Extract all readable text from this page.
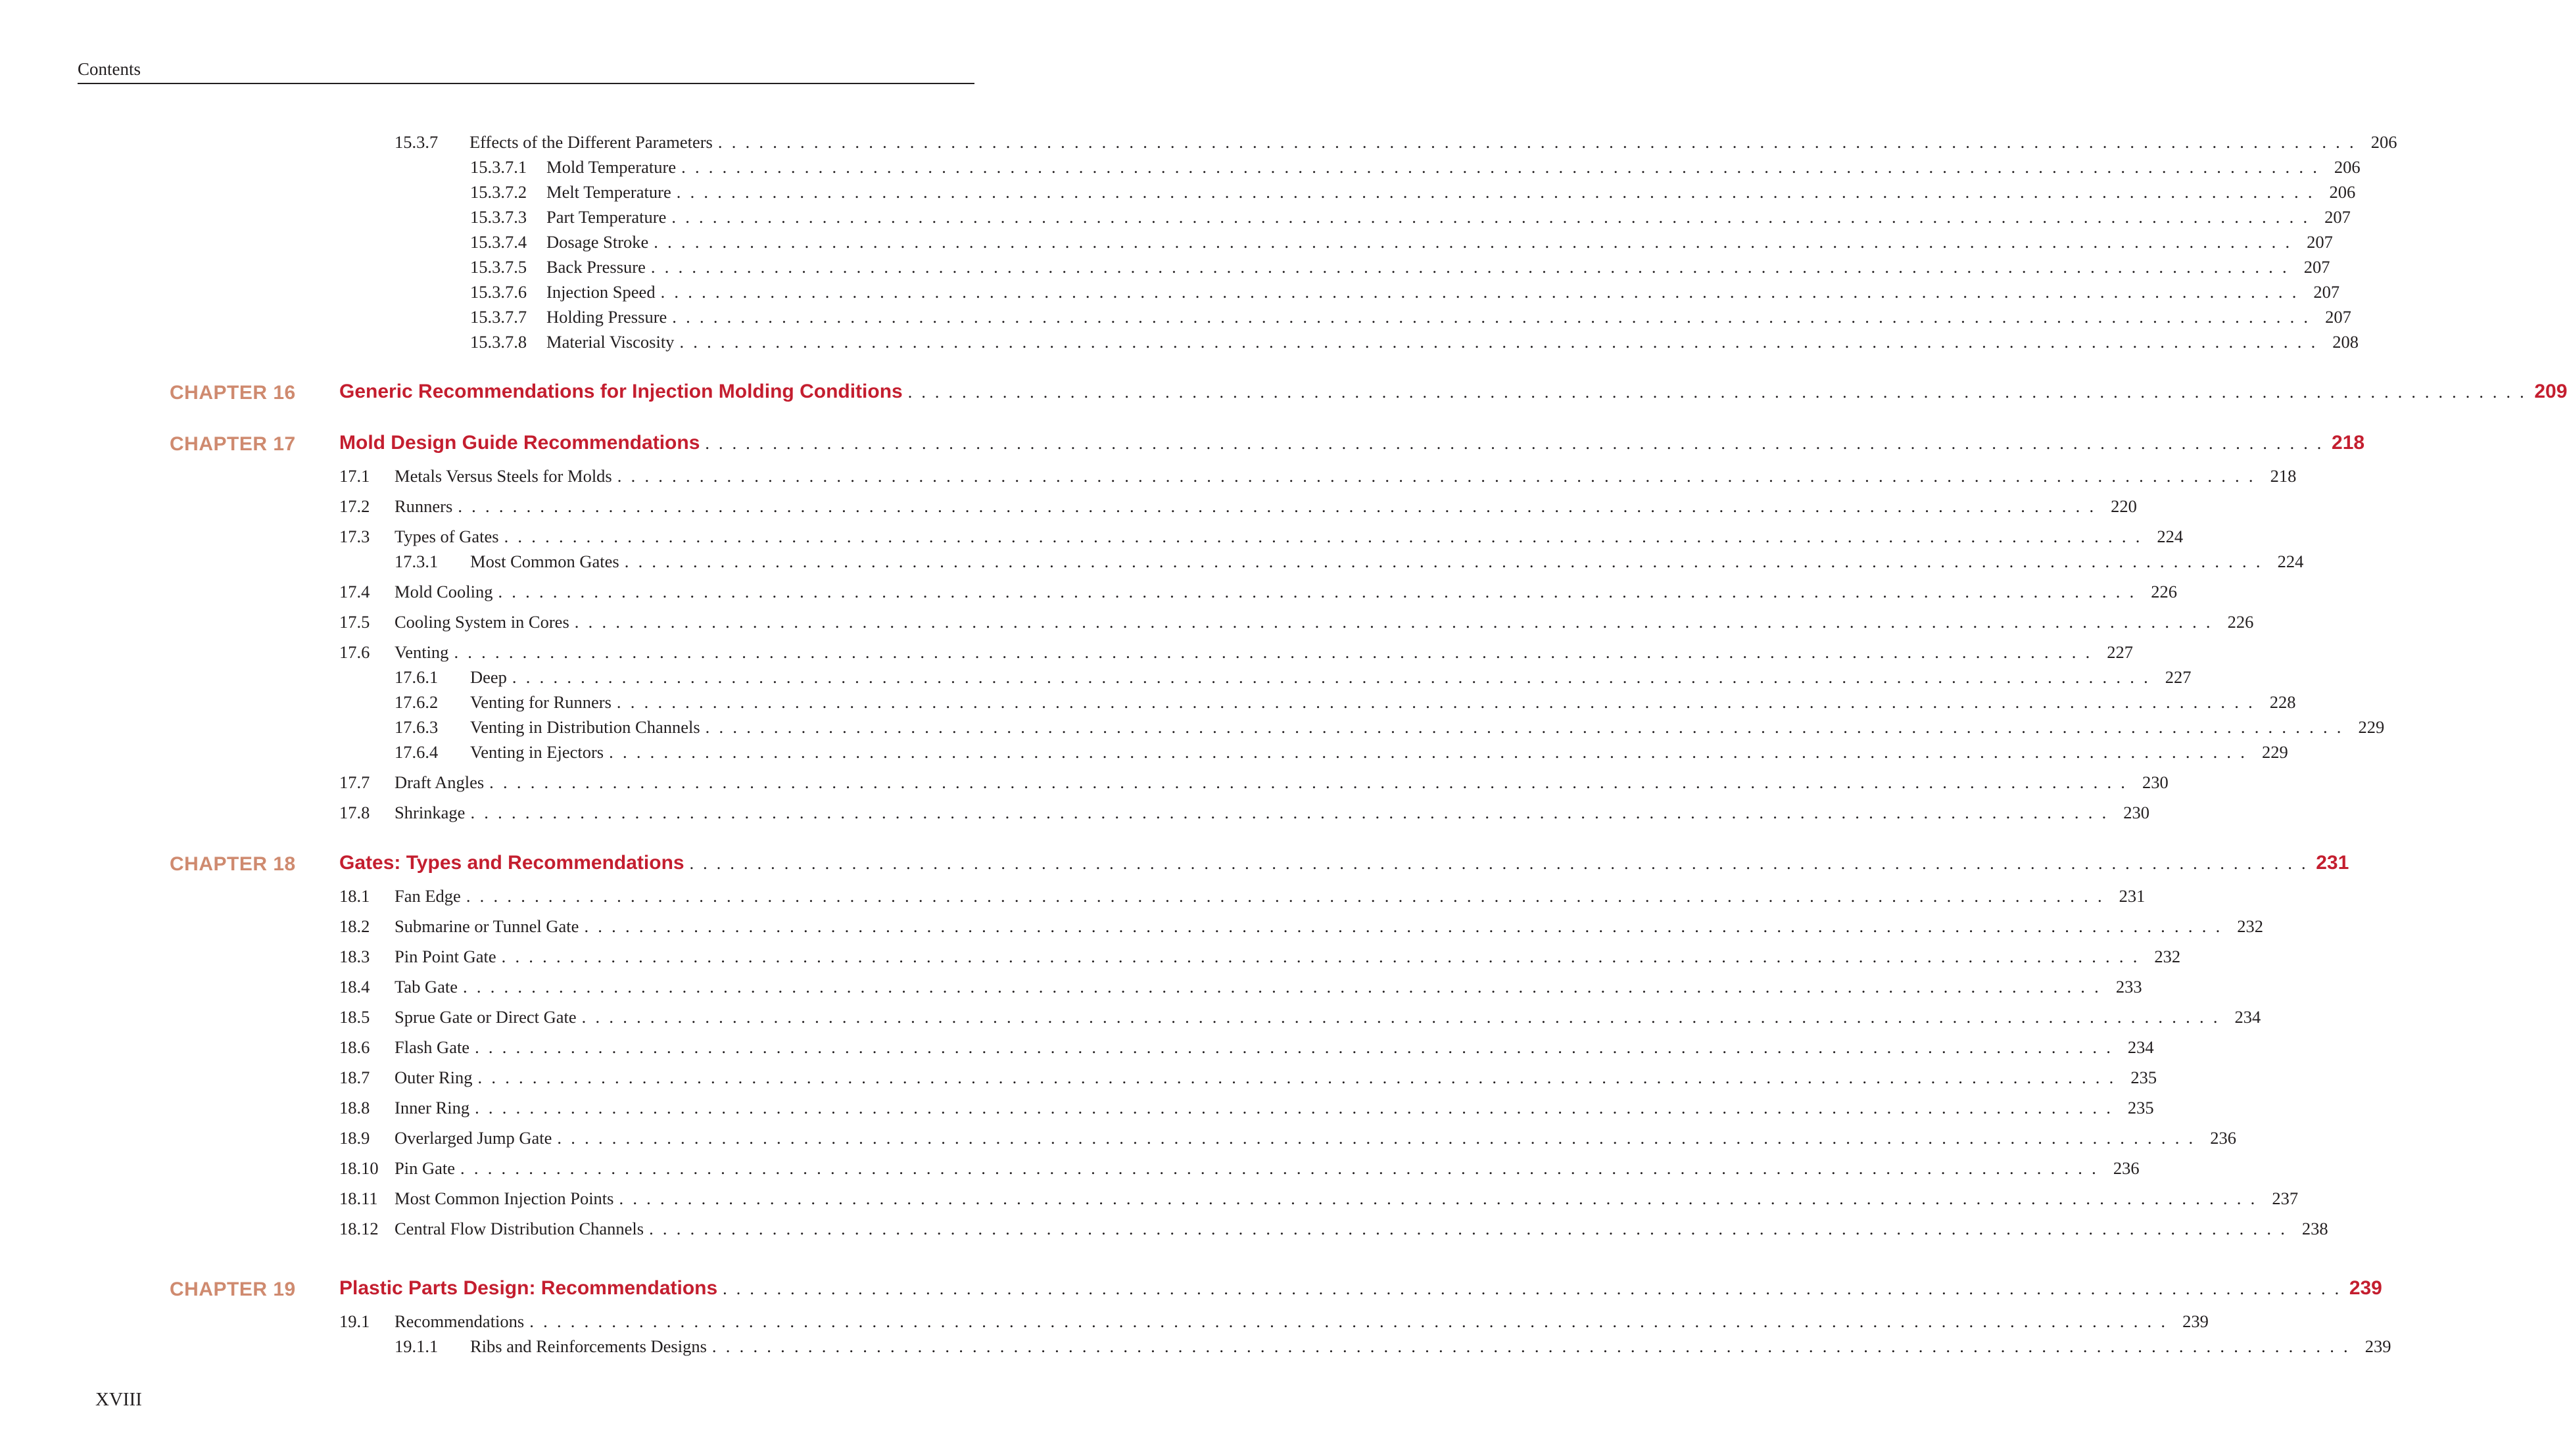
Contents
15.3.7	Effects of the Different Parameters . . . . . . . . . . . . . . . . . . . . . . . . . . . . . . . . . . . . . . . . . . . . . . . . . . . . . . . . . . . . . . . . . . . . . . . . . . . . . . . . . . . . . . . . . . . . . . . . . . . . . . . . . . . . . . . . . . . . . . . . 206
15.3.7.1	Mold Temperature . . . . . . . . . . . . . . . . . . . . . . . . . . . . . . . . . . . . . . . . . . . . . . . . . . . . . . . . . . . . . . . . . . . . . . . . . . . . . . . . . . . . . . . . . . . . . . . . . . . . . . . . . . . . . . . . . . . . . . . . 206
15.3.7.2	Melt Temperature . . . . . . . . . . . . . . . . . . . . . . . . . . . . . . . . . . . . . . . . . . . . . . . . . . . . . . . . . . . . . . . . . . . . . . . . . . . . . . . . . . . . . . . . . . . . . . . . . . . . . . . . . . . . . . . . . . . . . . . . 206
15.3.7.3	Part Temperature . . . . . . . . . . . . . . . . . . . . . . . . . . . . . . . . . . . . . . . . . . . . . . . . . . . . . . . . . . . . . . . . . . . . . . . . . . . . . . . . . . . . . . . . . . . . . . . . . . . . . . . . . . . . . . . . . . . . . . . . 207
15.3.7.4	Dosage Stroke . . . . . . . . . . . . . . . . . . . . . . . . . . . . . . . . . . . . . . . . . . . . . . . . . . . . . . . . . . . . . . . . . . . . . . . . . . . . . . . . . . . . . . . . . . . . . . . . . . . . . . . . . . . . . . . . . . . . . . . . 207
15.3.7.5	Back Pressure . . . . . . . . . . . . . . . . . . . . . . . . . . . . . . . . . . . . . . . . . . . . . . . . . . . . . . . . . . . . . . . . . . . . . . . . . . . . . . . . . . . . . . . . . . . . . . . . . . . . . . . . . . . . . . . . . . . . . . . . 207
15.3.7.6	Injection Speed . . . . . . . . . . . . . . . . . . . . . . . . . . . . . . . . . . . . . . . . . . . . . . . . . . . . . . . . . . . . . . . . . . . . . . . . . . . . . . . . . . . . . . . . . . . . . . . . . . . . . . . . . . . . . . . . . . . . . . . . 207
15.3.7.7	Holding Pressure . . . . . . . . . . . . . . . . . . . . . . . . . . . . . . . . . . . . . . . . . . . . . . . . . . . . . . . . . . . . . . . . . . . . . . . . . . . . . . . . . . . . . . . . . . . . . . . . . . . . . . . . . . . . . . . . . . . . . . . . 207
15.3.7.8	Material Viscosity . . . . . . . . . . . . . . . . . . . . . . . . . . . . . . . . . . . . . . . . . . . . . . . . . . . . . . . . . . . . . . . . . . . . . . . . . . . . . . . . . . . . . . . . . . . . . . . . . . . . . . . . . . . . . . . . . . . . . . . . 208
CHAPTER 16 Generic Recommendations for Injection Molding Conditions . . . . . . . . . . . . . . . . . . . . . . . . . . . . . . . . . . . . . . . . . . . . . . . . . . . . . . . . . . . . . . . . . . . . . . . . . . . . . . . . . . . . . . . . . . . . . . . . . . . . . . . . . . . . . . . . . . . . . . . . 209
CHAPTER 17 Mold Design Guide Recommendations . . . . . . . . . . . . . . . . . . . . . . . . . . . . . . . . . . . . . . . . . . . . . . . . . . . . . . . . . . . . . . . . . . . . . . . . . . . . . . . . . . . . . . . . . . . . . . . . . . . . . . . . . . . . . . . . . . . . . . . . 218
17.1	Metals Versus Steels for Molds . . . . . . . . . . . . . . . . . . . . . . . . . . . . . . . . . . . . . . . . . . . . . . . . . . . . . . . . . . . . . . . . . . . . . . . . . . . . . . . . . . . . . . . . . . . . . . . . . . . . . . . . . . . . . . . . . . . . . . . . 218
17.2	Runners . . . . . . . . . . . . . . . . . . . . . . . . . . . . . . . . . . . . . . . . . . . . . . . . . . . . . . . . . . . . . . . . . . . . . . . . . . . . . . . . . . . . . . . . . . . . . . . . . . . . . . . . . . . . . . . . . . . . . . . . 220
17.3	Types of Gates . . . . . . . . . . . . . . . . . . . . . . . . . . . . . . . . . . . . . . . . . . . . . . . . . . . . . . . . . . . . . . . . . . . . . . . . . . . . . . . . . . . . . . . . . . . . . . . . . . . . . . . . . . . . . . . . . . . . . . . . 224
17.3.1	Most Common Gates . . . . . . . . . . . . . . . . . . . . . . . . . . . . . . . . . . . . . . . . . . . . . . . . . . . . . . . . . . . . . . . . . . . . . . . . . . . . . . . . . . . . . . . . . . . . . . . . . . . . . . . . . . . . . . . . . . . . . . . . 224
17.4	Mold Cooling . . . . . . . . . . . . . . . . . . . . . . . . . . . . . . . . . . . . . . . . . . . . . . . . . . . . . . . . . . . . . . . . . . . . . . . . . . . . . . . . . . . . . . . . . . . . . . . . . . . . . . . . . . . . . . . . . . . . . . . . 226
17.5	Cooling System in Cores . . . . . . . . . . . . . . . . . . . . . . . . . . . . . . . . . . . . . . . . . . . . . . . . . . . . . . . . . . . . . . . . . . . . . . . . . . . . . . . . . . . . . . . . . . . . . . . . . . . . . . . . . . . . . . . . . . . . . . . . 226
17.6	Venting . . . . . . . . . . . . . . . . . . . . . . . . . . . . . . . . . . . . . . . . . . . . . . . . . . . . . . . . . . . . . . . . . . . . . . . . . . . . . . . . . . . . . . . . . . . . . . . . . . . . . . . . . . . . . . . . . . . . . . . . 227
17.6.1	Deep . . . . . . . . . . . . . . . . . . . . . . . . . . . . . . . . . . . . . . . . . . . . . . . . . . . . . . . . . . . . . . . . . . . . . . . . . . . . . . . . . . . . . . . . . . . . . . . . . . . . . . . . . . . . . . . . . . . . . . . . 227
17.6.2	Venting for Runners . . . . . . . . . . . . . . . . . . . . . . . . . . . . . . . . . . . . . . . . . . . . . . . . . . . . . . . . . . . . . . . . . . . . . . . . . . . . . . . . . . . . . . . . . . . . . . . . . . . . . . . . . . . . . . . . . . . . . . . . 228
17.6.3	Venting in Distribution Channels . . . . . . . . . . . . . . . . . . . . . . . . . . . . . . . . . . . . . . . . . . . . . . . . . . . . . . . . . . . . . . . . . . . . . . . . . . . . . . . . . . . . . . . . . . . . . . . . . . . . . . . . . . . . . . . . . . . . . . . . 229
17.6.4	Venting in Ejectors . . . . . . . . . . . . . . . . . . . . . . . . . . . . . . . . . . . . . . . . . . . . . . . . . . . . . . . . . . . . . . . . . . . . . . . . . . . . . . . . . . . . . . . . . . . . . . . . . . . . . . . . . . . . . . . . . . . . . . . . 229
17.7	Draft Angles . . . . . . . . . . . . . . . . . . . . . . . . . . . . . . . . . . . . . . . . . . . . . . . . . . . . . . . . . . . . . . . . . . . . . . . . . . . . . . . . . . . . . . . . . . . . . . . . . . . . . . . . . . . . . . . . . . . . . . . . 230
17.8	Shrinkage . . . . . . . . . . . . . . . . . . . . . . . . . . . . . . . . . . . . . . . . . . . . . . . . . . . . . . . . . . . . . . . . . . . . . . . . . . . . . . . . . . . . . . . . . . . . . . . . . . . . . . . . . . . . . . . . . . . . . . . . 230
CHAPTER 18 Gates: Types and Recommendations . . . . . . . . . . . . . . . . . . . . . . . . . . . . . . . . . . . . . . . . . . . . . . . . . . . . . . . . . . . . . . . . . . . . . . . . . . . . . . . . . . . . . . . . . . . . . . . . . . . . . . . . . . . . . . . . . . . . . . . . 231
18.1	Fan Edge . . . . . . . . . . . . . . . . . . . . . . . . . . . . . . . . . . . . . . . . . . . . . . . . . . . . . . . . . . . . . . . . . . . . . . . . . . . . . . . . . . . . . . . . . . . . . . . . . . . . . . . . . . . . . . . . . . . . . . . . 231
18.2	Submarine or Tunnel Gate . . . . . . . . . . . . . . . . . . . . . . . . . . . . . . . . . . . . . . . . . . . . . . . . . . . . . . . . . . . . . . . . . . . . . . . . . . . . . . . . . . . . . . . . . . . . . . . . . . . . . . . . . . . . . . . . . . . . . . . . 232
18.3	Pin Point Gate . . . . . . . . . . . . . . . . . . . . . . . . . . . . . . . . . . . . . . . . . . . . . . . . . . . . . . . . . . . . . . . . . . . . . . . . . . . . . . . . . . . . . . . . . . . . . . . . . . . . . . . . . . . . . . . . . . . . . . . . 232
18.4	Tab Gate . . . . . . . . . . . . . . . . . . . . . . . . . . . . . . . . . . . . . . . . . . . . . . . . . . . . . . . . . . . . . . . . . . . . . . . . . . . . . . . . . . . . . . . . . . . . . . . . . . . . . . . . . . . . . . . . . . . . . . . . 233
18.5	Sprue Gate or Direct Gate . . . . . . . . . . . . . . . . . . . . . . . . . . . . . . . . . . . . . . . . . . . . . . . . . . . . . . . . . . . . . . . . . . . . . . . . . . . . . . . . . . . . . . . . . . . . . . . . . . . . . . . . . . . . . . . . . . . . . . . . 234
18.6	Flash Gate . . . . . . . . . . . . . . . . . . . . . . . . . . . . . . . . . . . . . . . . . . . . . . . . . . . . . . . . . . . . . . . . . . . . . . . . . . . . . . . . . . . . . . . . . . . . . . . . . . . . . . . . . . . . . . . . . . . . . . . . 234
18.7	Outer Ring . . . . . . . . . . . . . . . . . . . . . . . . . . . . . . . . . . . . . . . . . . . . . . . . . . . . . . . . . . . . . . . . . . . . . . . . . . . . . . . . . . . . . . . . . . . . . . . . . . . . . . . . . . . . . . . . . . . . . . . . 235
18.8	Inner Ring . . . . . . . . . . . . . . . . . . . . . . . . . . . . . . . . . . . . . . . . . . . . . . . . . . . . . . . . . . . . . . . . . . . . . . . . . . . . . . . . . . . . . . . . . . . . . . . . . . . . . . . . . . . . . . . . . . . . . . . . 235
18.9	Overlarged Jump Gate . . . . . . . . . . . . . . . . . . . . . . . . . . . . . . . . . . . . . . . . . . . . . . . . . . . . . . . . . . . . . . . . . . . . . . . . . . . . . . . . . . . . . . . . . . . . . . . . . . . . . . . . . . . . . . . . . . . . . . . . 236
18.10 Pin Gate . . . . . . . . . . . . . . . . . . . . . . . . . . . . . . . . . . . . . . . . . . . . . . . . . . . . . . . . . . . . . . . . . . . . . . . . . . . . . . . . . . . . . . . . . . . . . . . . . . . . . . . . . . . . . . . . . . . . . . . . 236
18.11 Most Common Injection Points . . . . . . . . . . . . . . . . . . . . . . . . . . . . . . . . . . . . . . . . . . . . . . . . . . . . . . . . . . . . . . . . . . . . . . . . . . . . . . . . . . . . . . . . . . . . . . . . . . . . . . . . . . . . . . . . . . . . . . . . 237
18.12 Central Flow Distribution Channels . . . . . . . . . . . . . . . . . . . . . . . . . . . . . . . . . . . . . . . . . . . . . . . . . . . . . . . . . . . . . . . . . . . . . . . . . . . . . . . . . . . . . . . . . . . . . . . . . . . . . . . . . . . . . . . . . . . . . . . . 238
CHAPTER 19 Plastic Parts Design: Recommendations . . . . . . . . . . . . . . . . . . . . . . . . . . . . . . . . . . . . . . . . . . . . . . . . . . . . . . . . . . . . . . . . . . . . . . . . . . . . . . . . . . . . . . . . . . . . . . . . . . . . . . . . . . . . . . . . . . . . . . . . 239
19.1	Recommendations . . . . . . . . . . . . . . . . . . . . . . . . . . . . . . . . . . . . . . . . . . . . . . . . . . . . . . . . . . . . . . . . . . . . . . . . . . . . . . . . . . . . . . . . . . . . . . . . . . . . . . . . . . . . . . . . . . . . . . . . 239
19.1.1	Ribs and Reinforcements Designs . . . . . . . . . . . . . . . . . . . . . . . . . . . . . . . . . . . . . . . . . . . . . . . . . . . . . . . . . . . . . . . . . . . . . . . . . . . . . . . . . . . . . . . . . . . . . . . . . . . . . . . . . . . . . . . . . . . . . . . . 239
XVIII
